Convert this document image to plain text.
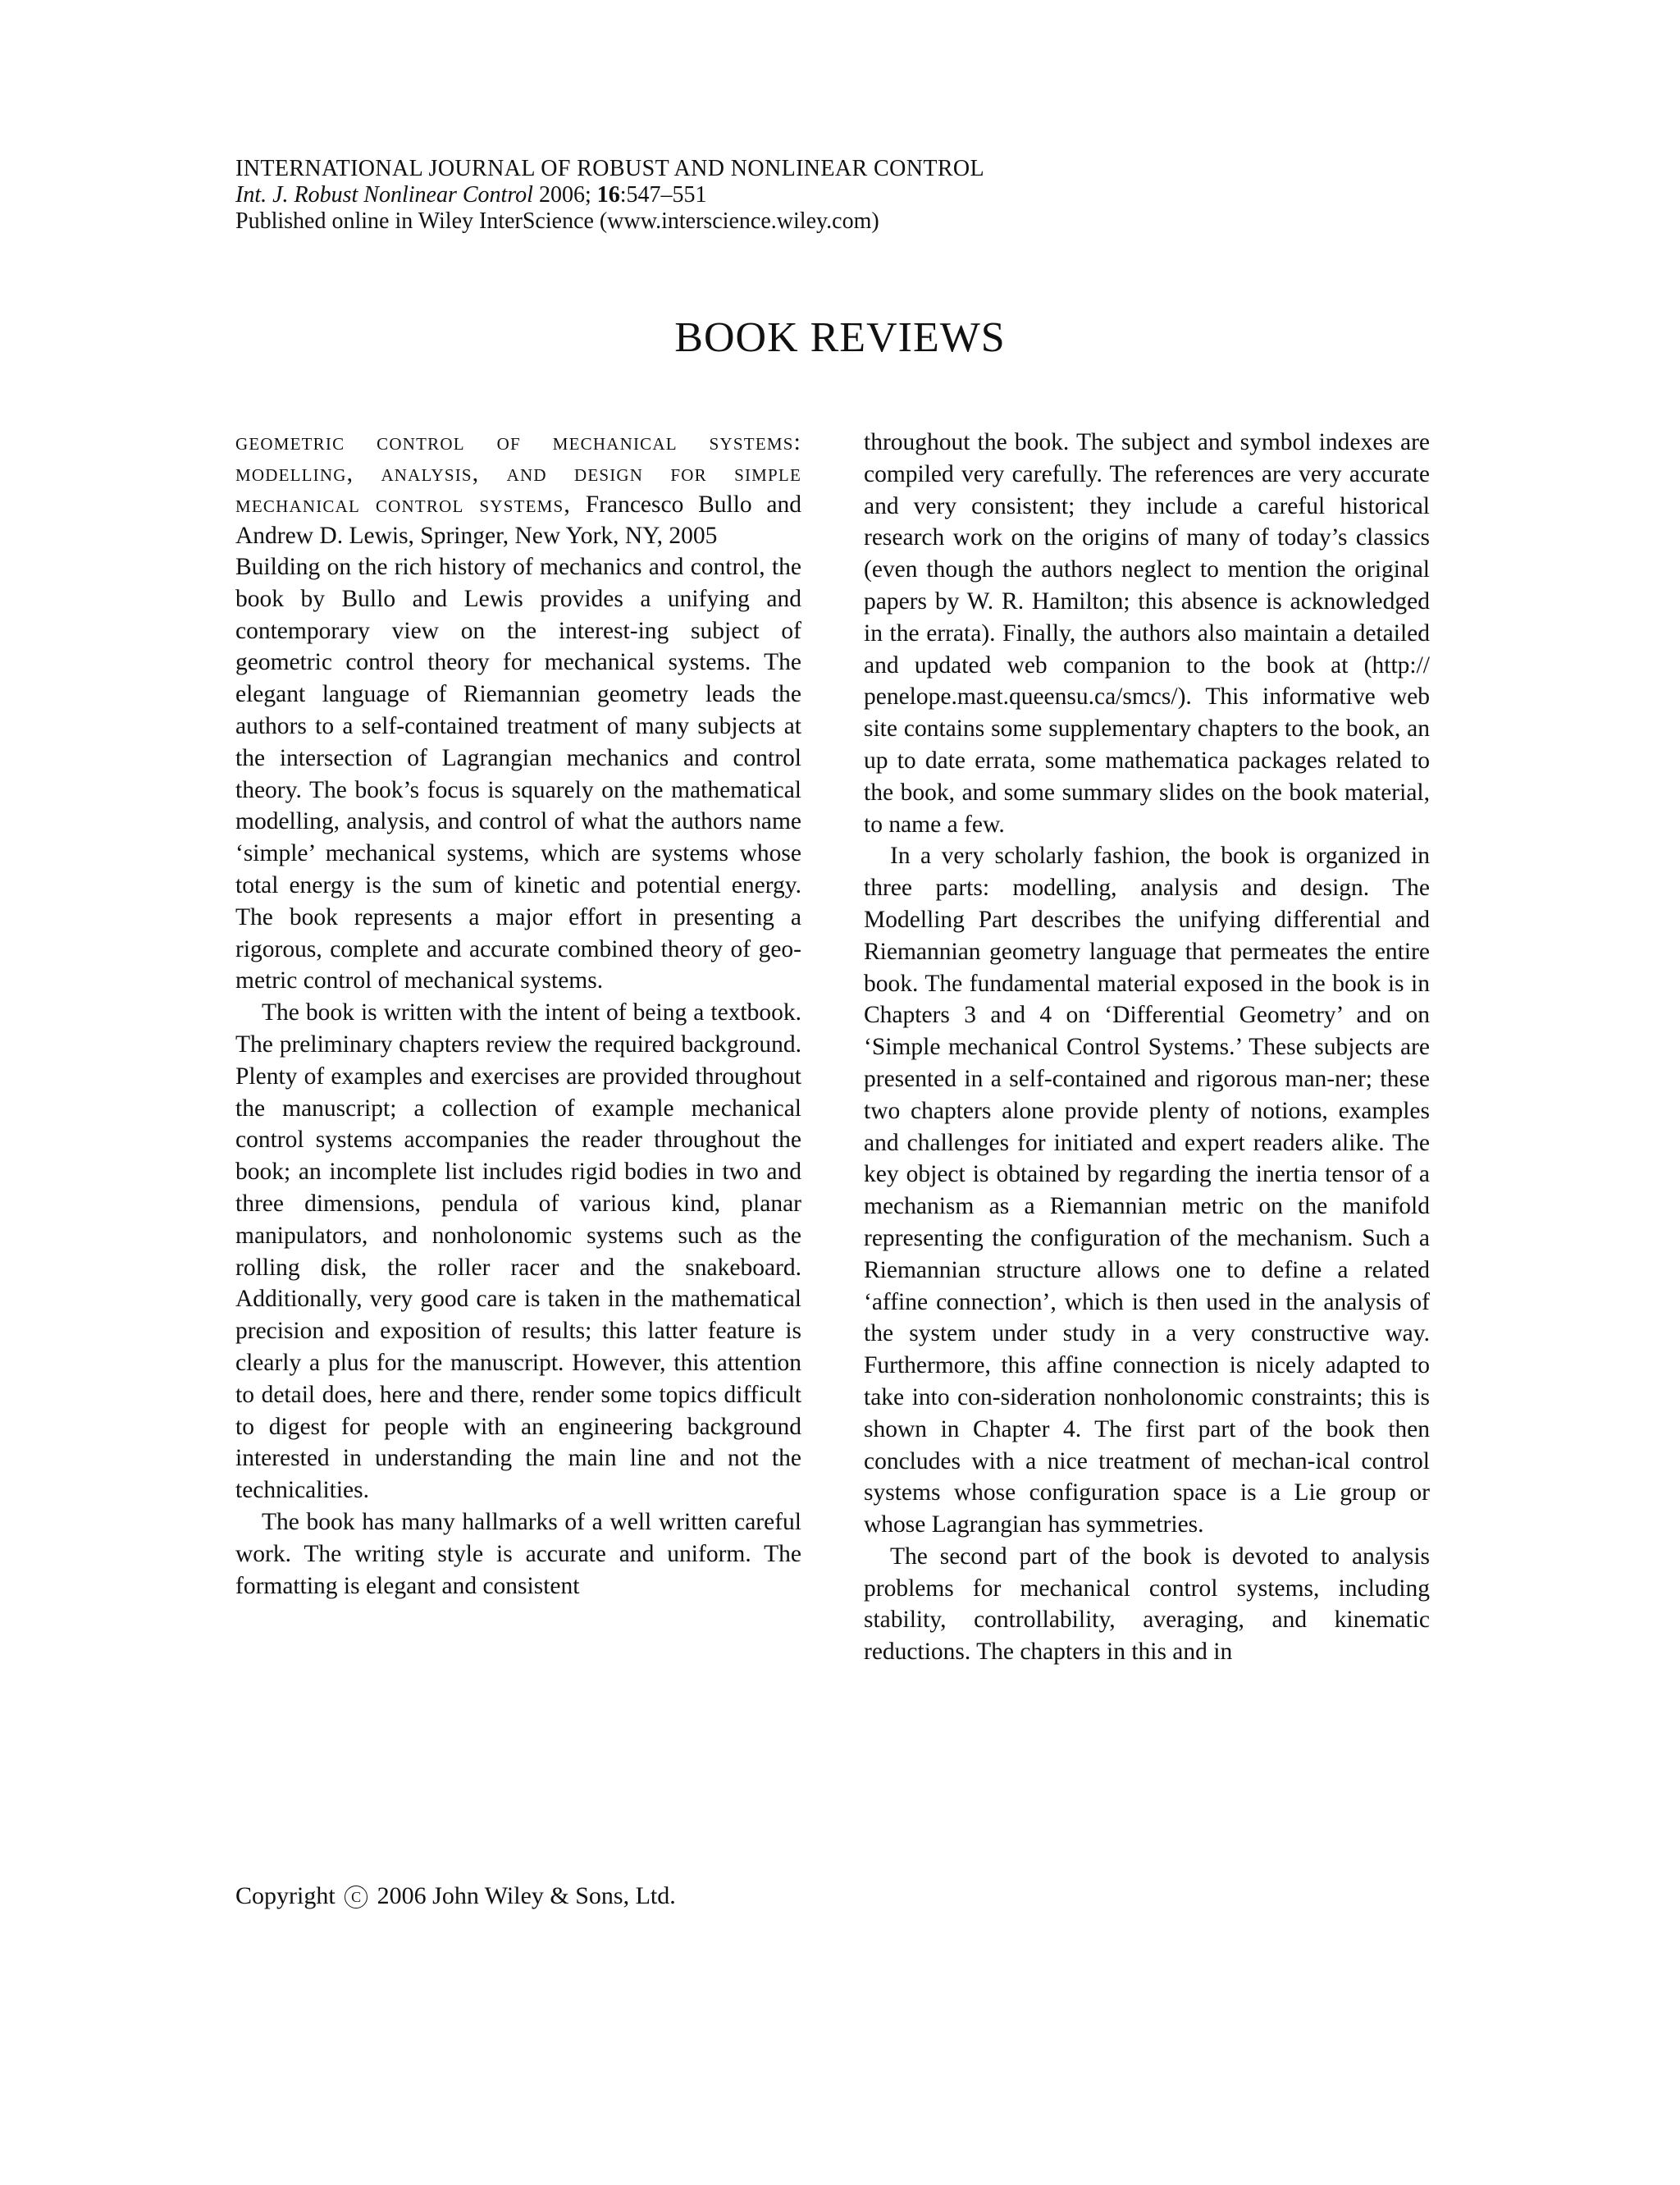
INTERNATIONAL JOURNAL OF ROBUST AND NONLINEAR CONTROL
Int. J. Robust Nonlinear Control 2006; 16:547–551
Published online in Wiley InterScience (www.interscience.wiley.com)
BOOK REVIEWS

geometric control of mechanical systems: modelling, analysis, and design for simple mechanical control systems, Francesco Bullo and Andrew D. Lewis, Springer, New York, NY, 2005

Building on the rich history of mechanics and control, the book by Bullo and Lewis provides a unifying and contemporary view on the interest-ing subject of geometric control theory for mechanical systems. The elegant language of Riemannian geometry leads the authors to a self-contained treatment of many subjects at the intersection of Lagrangian mechanics and control theory. The book’s focus is squarely on the mathematical modelling, analysis, and control of what the authors name ‘simple’ mechanical systems, which are systems whose total energy is the sum of kinetic and potential energy. The book represents a major effort in presenting a rigorous, complete and accurate combined theory of geo-metric control of mechanical systems.

The book is written with the intent of being a textbook. The preliminary chapters review the required background. Plenty of examples and exercises are provided throughout the manuscript; a collection of example mechanical control systems accompanies the reader throughout the book; an incomplete list includes rigid bodies in two and three dimensions, pendula of various kind, planar manipulators, and nonholonomic systems such as the rolling disk, the roller racer and the snakeboard. Additionally, very good care is taken in the mathematical precision and exposition of results; this latter feature is clearly a plus for the manuscript. However, this attention to detail does, here and there, render some topics difficult to digest for people with an engineering background interested in understanding the main line and not the technicalities.

The book has many hallmarks of a well written careful work. The writing style is accurate and uniform. The formatting is elegant and consistent

throughout the book. The subject and symbol indexes are compiled very carefully. The references are very accurate and very consistent; they include a careful historical research work on the origins of many of today’s classics (even though the authors neglect to mention the original papers by W. R. Hamilton; this absence is acknowledged in the errata). Finally, the authors also maintain a detailed and updated web companion to the book at (http:// penelope.mast.queensu.ca/smcs/). This informative web site contains some supplementary chapters to the book, an up to date errata, some mathematica packages related to the book, and some summary slides on the book material, to name a few.

In a very scholarly fashion, the book is organized in three parts: modelling, analysis and design. The Modelling Part describes the unifying differential and Riemannian geometry language that permeates the entire book. The fundamental material exposed in the book is in Chapters 3 and 4 on ‘Differential Geometry’ and on ‘Simple mechanical Control Systems.’ These subjects are presented in a self-contained and rigorous man-ner; these two chapters alone provide plenty of notions, examples and challenges for initiated and expert readers alike. The key object is obtained by regarding the inertia tensor of a mechanism as a Riemannian metric on the manifold representing the configuration of the mechanism. Such a Riemannian structure allows one to define a related ‘affine connection’, which is then used in the analysis of the system under study in a very constructive way. Furthermore, this affine connection is nicely adapted to take into con-sideration nonholonomic constraints; this is shown in Chapter 4. The first part of the book then concludes with a nice treatment of mechan-ical control systems whose configuration space is a Lie group or whose Lagrangian has symmetries.

The second part of the book is devoted to analysis problems for mechanical control systems, including stability, controllability, averaging, and kinematic reductions. The chapters in this and in

Copyright C 2006 John Wiley & Sons, Ltd.
